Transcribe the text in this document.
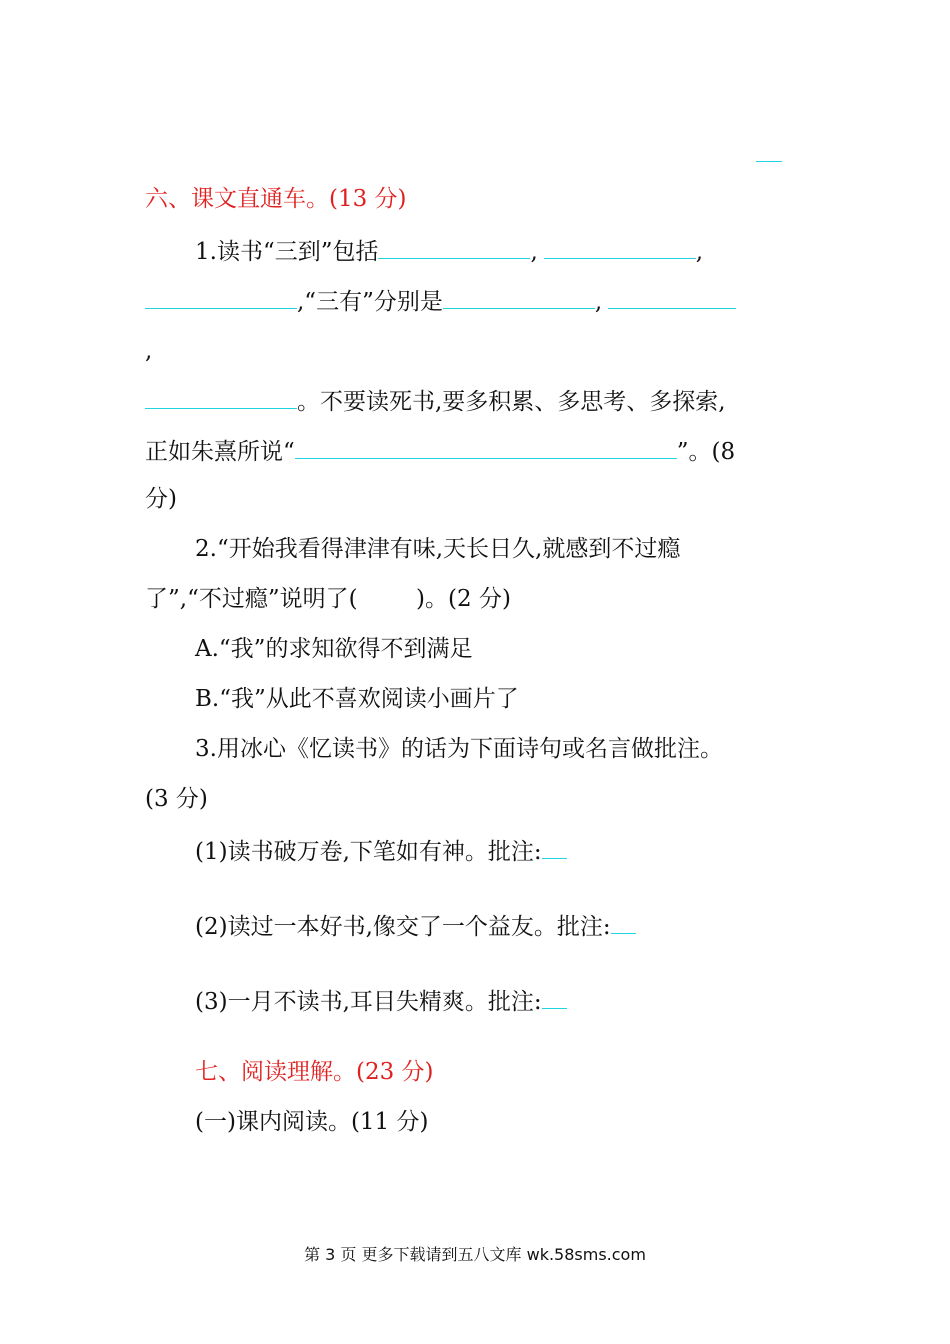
六、课文直通车。(13 分)
1.读书“三到”包括	,	,
,“三有”分别是	,
,
。不要读死书,要多积累、多思考、多探索,
正如朱熹所说“	”。(8
分)
2.“开始我看得津津有味,天长日久,就感到不过瘾
了”,“不过瘾”说明了(        )。(2 分)
A.“我”的求知欲得不到满足
B.“我”从此不喜欢阅读小画片了
3.用冰心《忆读书》的话为下面诗句或名言做批注。
(3 分)
(1)读书破万卷,下笔如有神。批注:
(2)读过一本好书,像交了一个益友。批注:
(3)一月不读书,耳目失精爽。批注:
七、阅读理解。(23 分)
(一)课内阅读。(11 分)
第 3 页 更多下载请到五八文库 wk.58sms.com
